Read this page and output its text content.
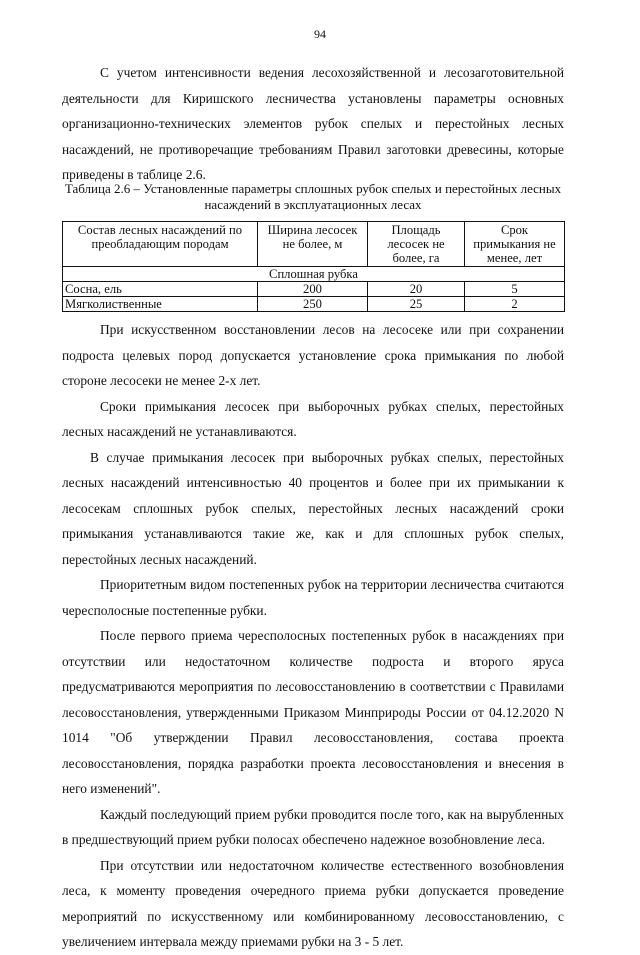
94

С учетом интенсивности ведения лесохозяйственной и лесозаготовительной деятельности для Киришского лесничества установлены параметры основных организационно-технических элементов рубок спелых и перестойных лесных насаждений, не противоречащие требованиям Правил заготовки древесины, которые приведены в таблице 2.6.

Таблица 2.6 – Установленные параметры сплошных рубок спелых и перестойных лесных насаждений в эксплуатационных лесах
Состав лесных насаждений по преобладающим породам	Ширина лесосек не более, м	Площадь лесосек не более, га	Срок примыкания не менее, лет
Сплошная рубка			
Сосна, ель	200	20	5
Мягколиственные	250	25	2

При искусственном восстановлении лесов на лесосеке или при сохранении подроста целевых пород допускается установление срока примыкания по любой стороне лесосеки не менее 2-х лет.

Сроки примыкания лесосек при выборочных рубках спелых, перестойных лесных насаждений не устанавливаются.

В случае примыкания лесосек при выборочных рубках спелых, перестойных лесных насаждений интенсивностью 40 процентов и более при их примыкании к лесосекам сплошных рубок спелых, перестойных лесных насаждений сроки примыкания устанавливаются такие же, как и для сплошных рубок спелых, перестойных лесных насаждений.

Приоритетным видом постепенных рубок на территории лесничества считаются чересполосные постепенные рубки.

После первого приема чересполосных постепенных рубок в насаждениях при отсутствии или недостаточном количестве подроста и второго яруса предусматриваются мероприятия по лесовосстановлению в соответствии с Правилами лесовосстановления, утвержденными Приказом Минприроды России от 04.12.2020 N 1014 "Об утверждении Правил лесовосстановления, состава проекта лесовосстановления, порядка разработки проекта лесовосстановления и внесения в него изменений".

Каждый последующий прием рубки проводится после того, как на вырубленных в предшествующий прием рубки полосах обеспечено надежное возобновление леса.

При отсутствии или недостаточном количестве естественного возобновления леса, к моменту проведения очередного приема рубки допускается проведение мероприятий по искусственному или комбинированному лесовосстановлению, с увеличением интервала между приемами рубки на 3 - 5 лет.
